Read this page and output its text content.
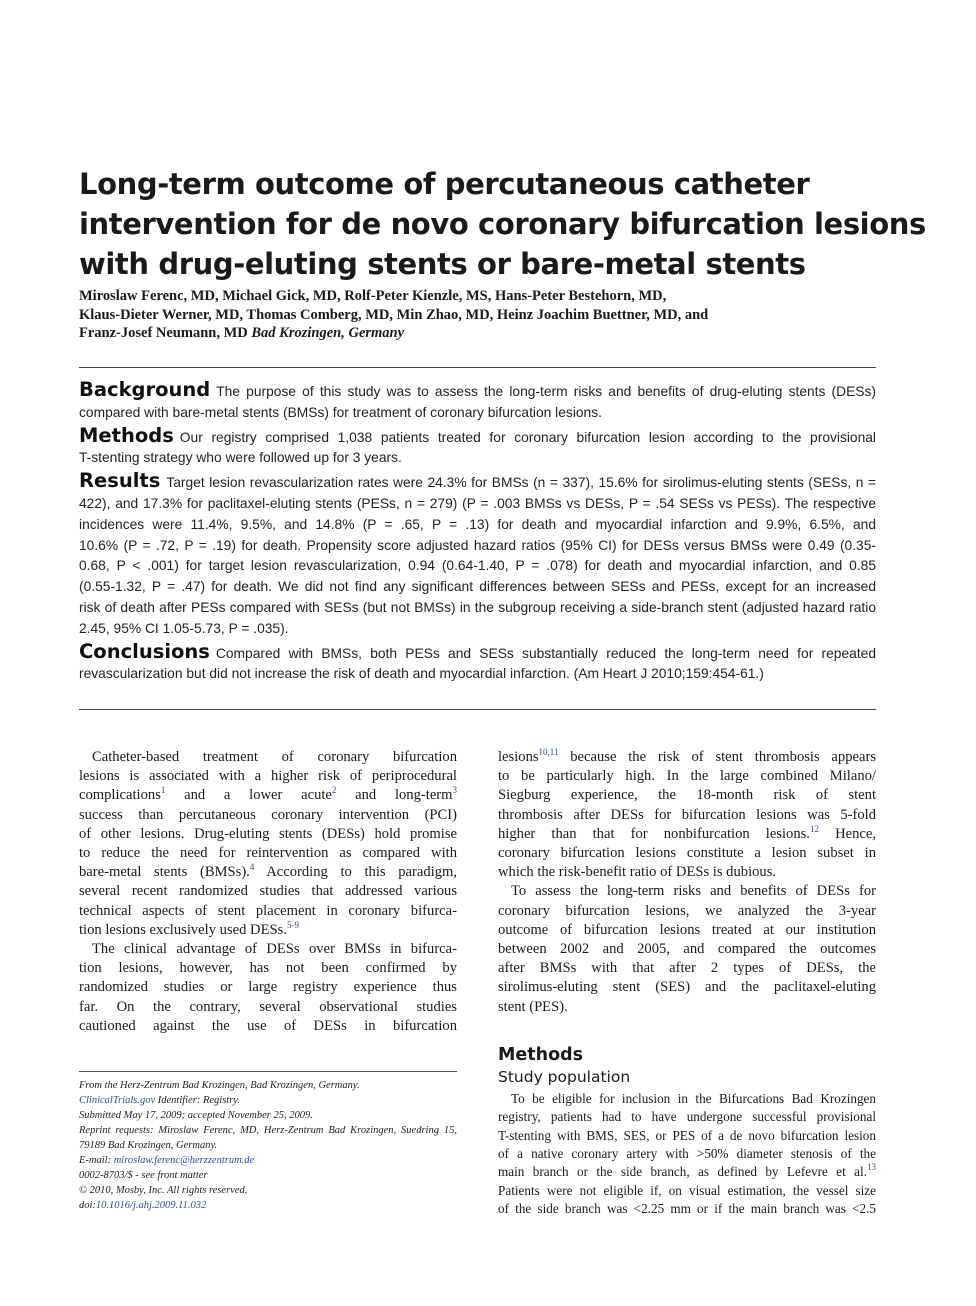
Long-term outcome of percutaneous catheter
intervention for de novo coronary bifurcation lesions
with drug-eluting stents or bare-metal stents
Miroslaw Ferenc, MD, Michael Gick, MD, Rolf-Peter Kienzle, MS, Hans-Peter Bestehorn, MD,
Klaus-Dieter Werner, MD, Thomas Comberg, MD, Min Zhao, MD, Heinz Joachim Buettner, MD, and
Franz-Josef Neumann, MD Bad Krozingen, Germany
Background The purpose of this study was to assess the long-term risks and benefits of drug-eluting stents (DESs)
compared with bare-metal stents (BMSs) for treatment of coronary bifurcation lesions.
Methods Our registry comprised 1,038 patients treated for coronary bifurcation lesion according to the provisional
T-stenting strategy who were followed up for 3 years.
Results Target lesion revascularization rates were 24.3% for BMSs (n = 337), 15.6% for sirolimus-eluting stents (SESs, n =
422), and 17.3% for paclitaxel-eluting stents (PESs, n = 279) (P = .003 BMSs vs DESs, P = .54 SESs vs PESs). The respective
incidences were 11.4%, 9.5%, and 14.8% (P = .65, P = .13) for death and myocardial infarction and 9.9%, 6.5%, and
10.6% (P = .72, P = .19) for death. Propensity score adjusted hazard ratios (95% CI) for DESs versus BMSs were 0.49 (0.35-
0.68, P < .001) for target lesion revascularization, 0.94 (0.64-1.40, P = .078) for death and myocardial infarction, and 0.85
(0.55-1.32, P = .47) for death. We did not find any significant differences between SESs and PESs, except for an increased
risk of death after PESs compared with SESs (but not BMSs) in the subgroup receiving a side-branch stent (adjusted hazard ratio
2.45, 95% CI 1.05-5.73, P = .035).
Conclusions Compared with BMSs, both PESs and SESs substantially reduced the long-term need for repeated
revascularization but did not increase the risk of death and myocardial infarction. (Am Heart J 2010;159:454-61.)
Catheter-based treatment of coronary bifurcation
lesions is associated with a higher risk of periprocedural
complications$^1$ and a lower acute$^2$ and long-term$^3$
success than percutaneous coronary intervention (PCI)
of other lesions. Drug-eluting stents (DESs) hold promise
to reduce the need for reintervention as compared with
bare-metal stents (BMSs).$^4$ According to this paradigm,
several recent randomized studies that addressed various
technical aspects of stent placement in coronary bifurca-
tion lesions exclusively used DESs.$^{5-9}$
The clinical advantage of DESs over BMSs in bifurca-
tion lesions, however, has not been confirmed by
randomized studies or large registry experience thus
far. On the contrary, several observational studies
cautioned against the use of DESs in bifurcation
From the Herz-Zentrum Bad Krozingen, Bad Krozingen, Germany.
ClinicalTrials.gov Identifier: Registry.
Submitted May 17, 2009; accepted November 25, 2009.
Reprint requests: Miroslaw Ferenc, MD, Herz-Zentrum Bad Krozingen, Suedring 15,
79189 Bad Krozingen, Germany.
E-mail: miroslaw.ferenc@herzzentrum.de
0002-8703/$ - see front matter
© 2010, Mosby, Inc. All rights reserved.
doi:10.1016/j.ahj.2009.11.032
lesions$^{10,11}$ because the risk of stent thrombosis appears
to be particularly high. In the large combined Milano/
Siegburg experience, the 18-month risk of stent
thrombosis after DESs for bifurcation lesions was 5-fold
higher than that for nonbifurcation lesions.$^{12}$ Hence,
coronary bifurcation lesions constitute a lesion subset in
which the risk-benefit ratio of DESs is dubious.
To assess the long-term risks and benefits of DESs for
coronary bifurcation lesions, we analyzed the 3-year
outcome of bifurcation lesions treated at our institution
between 2002 and 2005, and compared the outcomes
after BMSs with that after 2 types of DESs, the
sirolimus-eluting stent (SES) and the paclitaxel-eluting
stent (PES).
Methods
Study population
To be eligible for inclusion in the Bifurcations Bad Krozingen
registry, patients had to have undergone successful provisional
T-stenting with BMS, SES, or PES of a de novo bifurcation lesion
of a native coronary artery with >50% diameter stenosis of the
main branch or the side branch, as defined by Lefevre et al.$^{13}$
Patients were not eligible if, on visual estimation, the vessel size
of the side branch was <2.25 mm or if the main branch was <2.5
